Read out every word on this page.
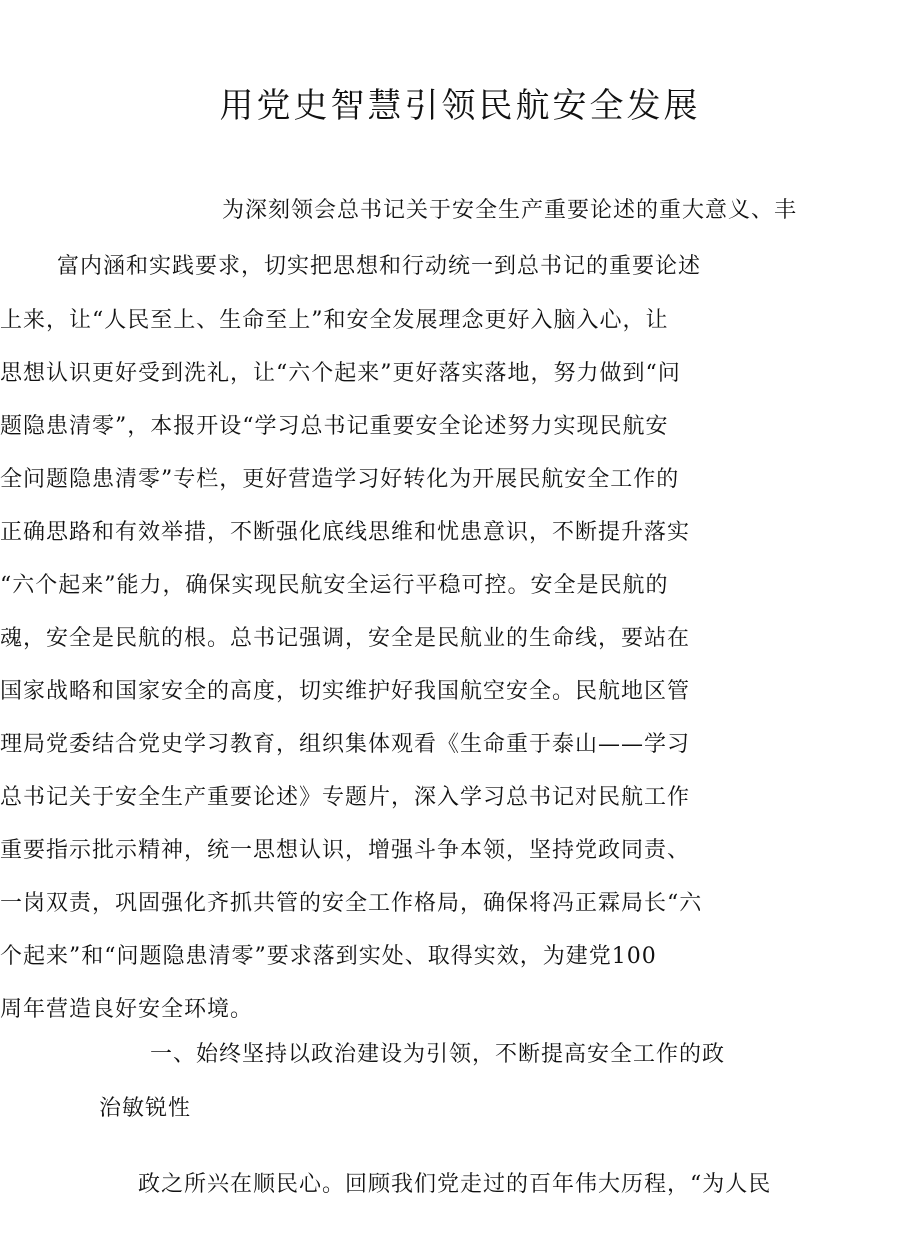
用党史智慧引领民航安全发展

为深刻领会总书记关于安全生产重要论述的重大意义、丰

富内涵和实践要求，切实把思想和行动统一到总书记的重要论述

上来，让“人民至上、生命至上”和安全发展理念更好入脑入心，让

思想认识更好受到洗礼，让“六个起来”更好落实落地，努力做到“问

题隐患清零”，本报开设“学习总书记重要安全论述努力实现民航安

全问题隐患清零”专栏，更好营造学习好转化为开展民航安全工作的

正确思路和有效举措，不断强化底线思维和忧患意识，不断提升落实

“六个起来”能力，确保实现民航安全运行平稳可控。安全是民航的

魂，安全是民航的根。总书记强调，安全是民航业的生命线，要站在

国家战略和国家安全的高度，切实维护好我国航空安全。民航地区管

理局党委结合党史学习教育，组织集体观看《生命重于泰山——学习

总书记关于安全生产重要论述》专题片，深入学习总书记对民航工作

重要指示批示精神，统一思想认识，增强斗争本领，坚持党政同责、

一岗双责，巩固强化齐抓共管的安全工作格局，确保将冯正霖局长“六

个起来”和“问题隐患清零”要求落到实处、取得实效，为建党100

周年营造良好安全环境。

一、始终坚持以政治建设为引领，不断提高安全工作的政

治敏锐性

政之所兴在顺民心。回顾我们党走过的百年伟大历程，“为人民
